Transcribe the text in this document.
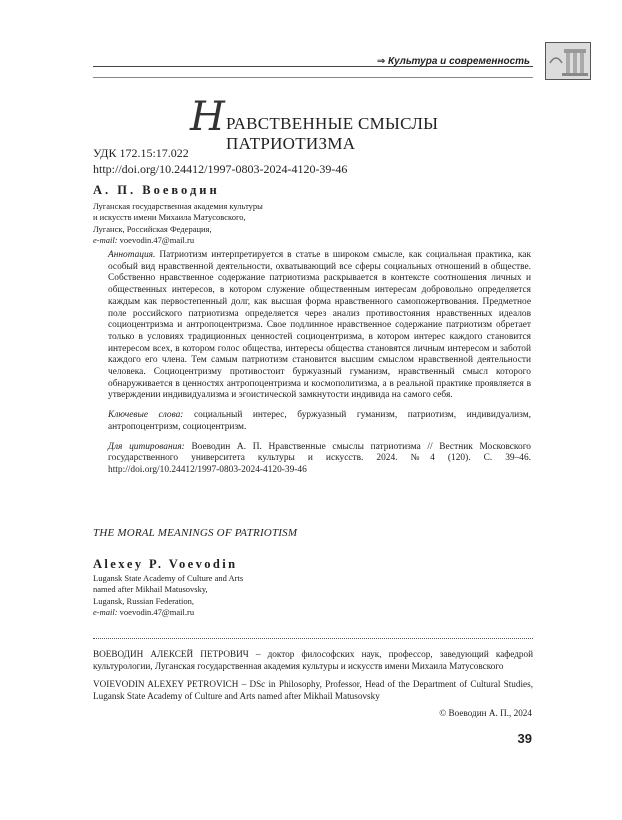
⇒ Культура и современность
Н РАВСТВЕННЫЕ СМЫСЛЫ ПАТРИОТИЗМА
УДК 172.15:17.022
http://doi.org/10.24412/1997-0803-2024-4120-39-46
А. П. Воеводин
Луганская государственная академия культуры
и искусств имени Михаила Матусовского,
Луганск, Российская Федерация,
e-mail: voevodin.47@mail.ru

Аннотация. Патриотизм интерпретируется в статье в широком смысле, как социальная практика, как особый вид нравственной деятельности, охватывающий все сферы социальных отношений в обществе. Собственно нравственное содержание патриотизма раскрывается в контексте соотношения личных и общественных интересов, в котором служение общественным интересам добровольно определяется каждым как первостепенный долг, как высшая форма нравственного самопожертвования. Предметное поле российского патриотизма определяется через анализ противостояния нравственных идеалов социоцентризма и антропоцентризма. Свое подлинное нравственное содержание патриотизм обретает только в условиях традиционных ценностей социоцентризма, в котором интерес каждого становится интересом всех, в котором голос общества, интересы общества становятся личным интересом и заботой каждого его члена. Тем самым патриотизм становится высшим смыслом нравственной деятельности человека. Социоцентризму противостоит буржуазный гуманизм, нравственный смысл которого обнаруживается в ценностях антропоцентризма и космополитизма, а в реальной практике проявляется в утверждении индивидуализма и эгоистической замкнутости индивида на самого себя.

Ключевые слова: социальный интерес, буржуазный гуманизм, патриотизм, индивидуализм, антропоцентризм, социоцентризм.

Для цитирования: Воеводин А. П. Нравственные смыслы патриотизма // Вестник Московского государственного университета культуры и искусств. 2024. №4 (120). С. 39–46. http://doi.org/10.24412/1997-0803-2024-4120-39-46

THE MORAL MEANINGS OF PATRIOTISM
Alexey P. Voevodin
Lugansk State Academy of Culture and Arts
named after Mikhail Matusovsky,
Lugansk, Russian Federation,
e-mail: voevodin.47@mail.ru
ВОЕВОДИН АЛЕКСЕЙ ПЕТРОВИЧ – доктор философских наук, профессор, заведующий кафедрой культурологии, Луганская государственная академия культуры и искусств имени Михаила Матусовского
VOIEVODIN ALEXEY PETROVICH – DSc in Philosophy, Professor, Head of the Department of Cultural Studies, Lugansk State Academy of Culture and Arts named after Mikhail Matusovsky
© Воеводин А. П., 2024
39
